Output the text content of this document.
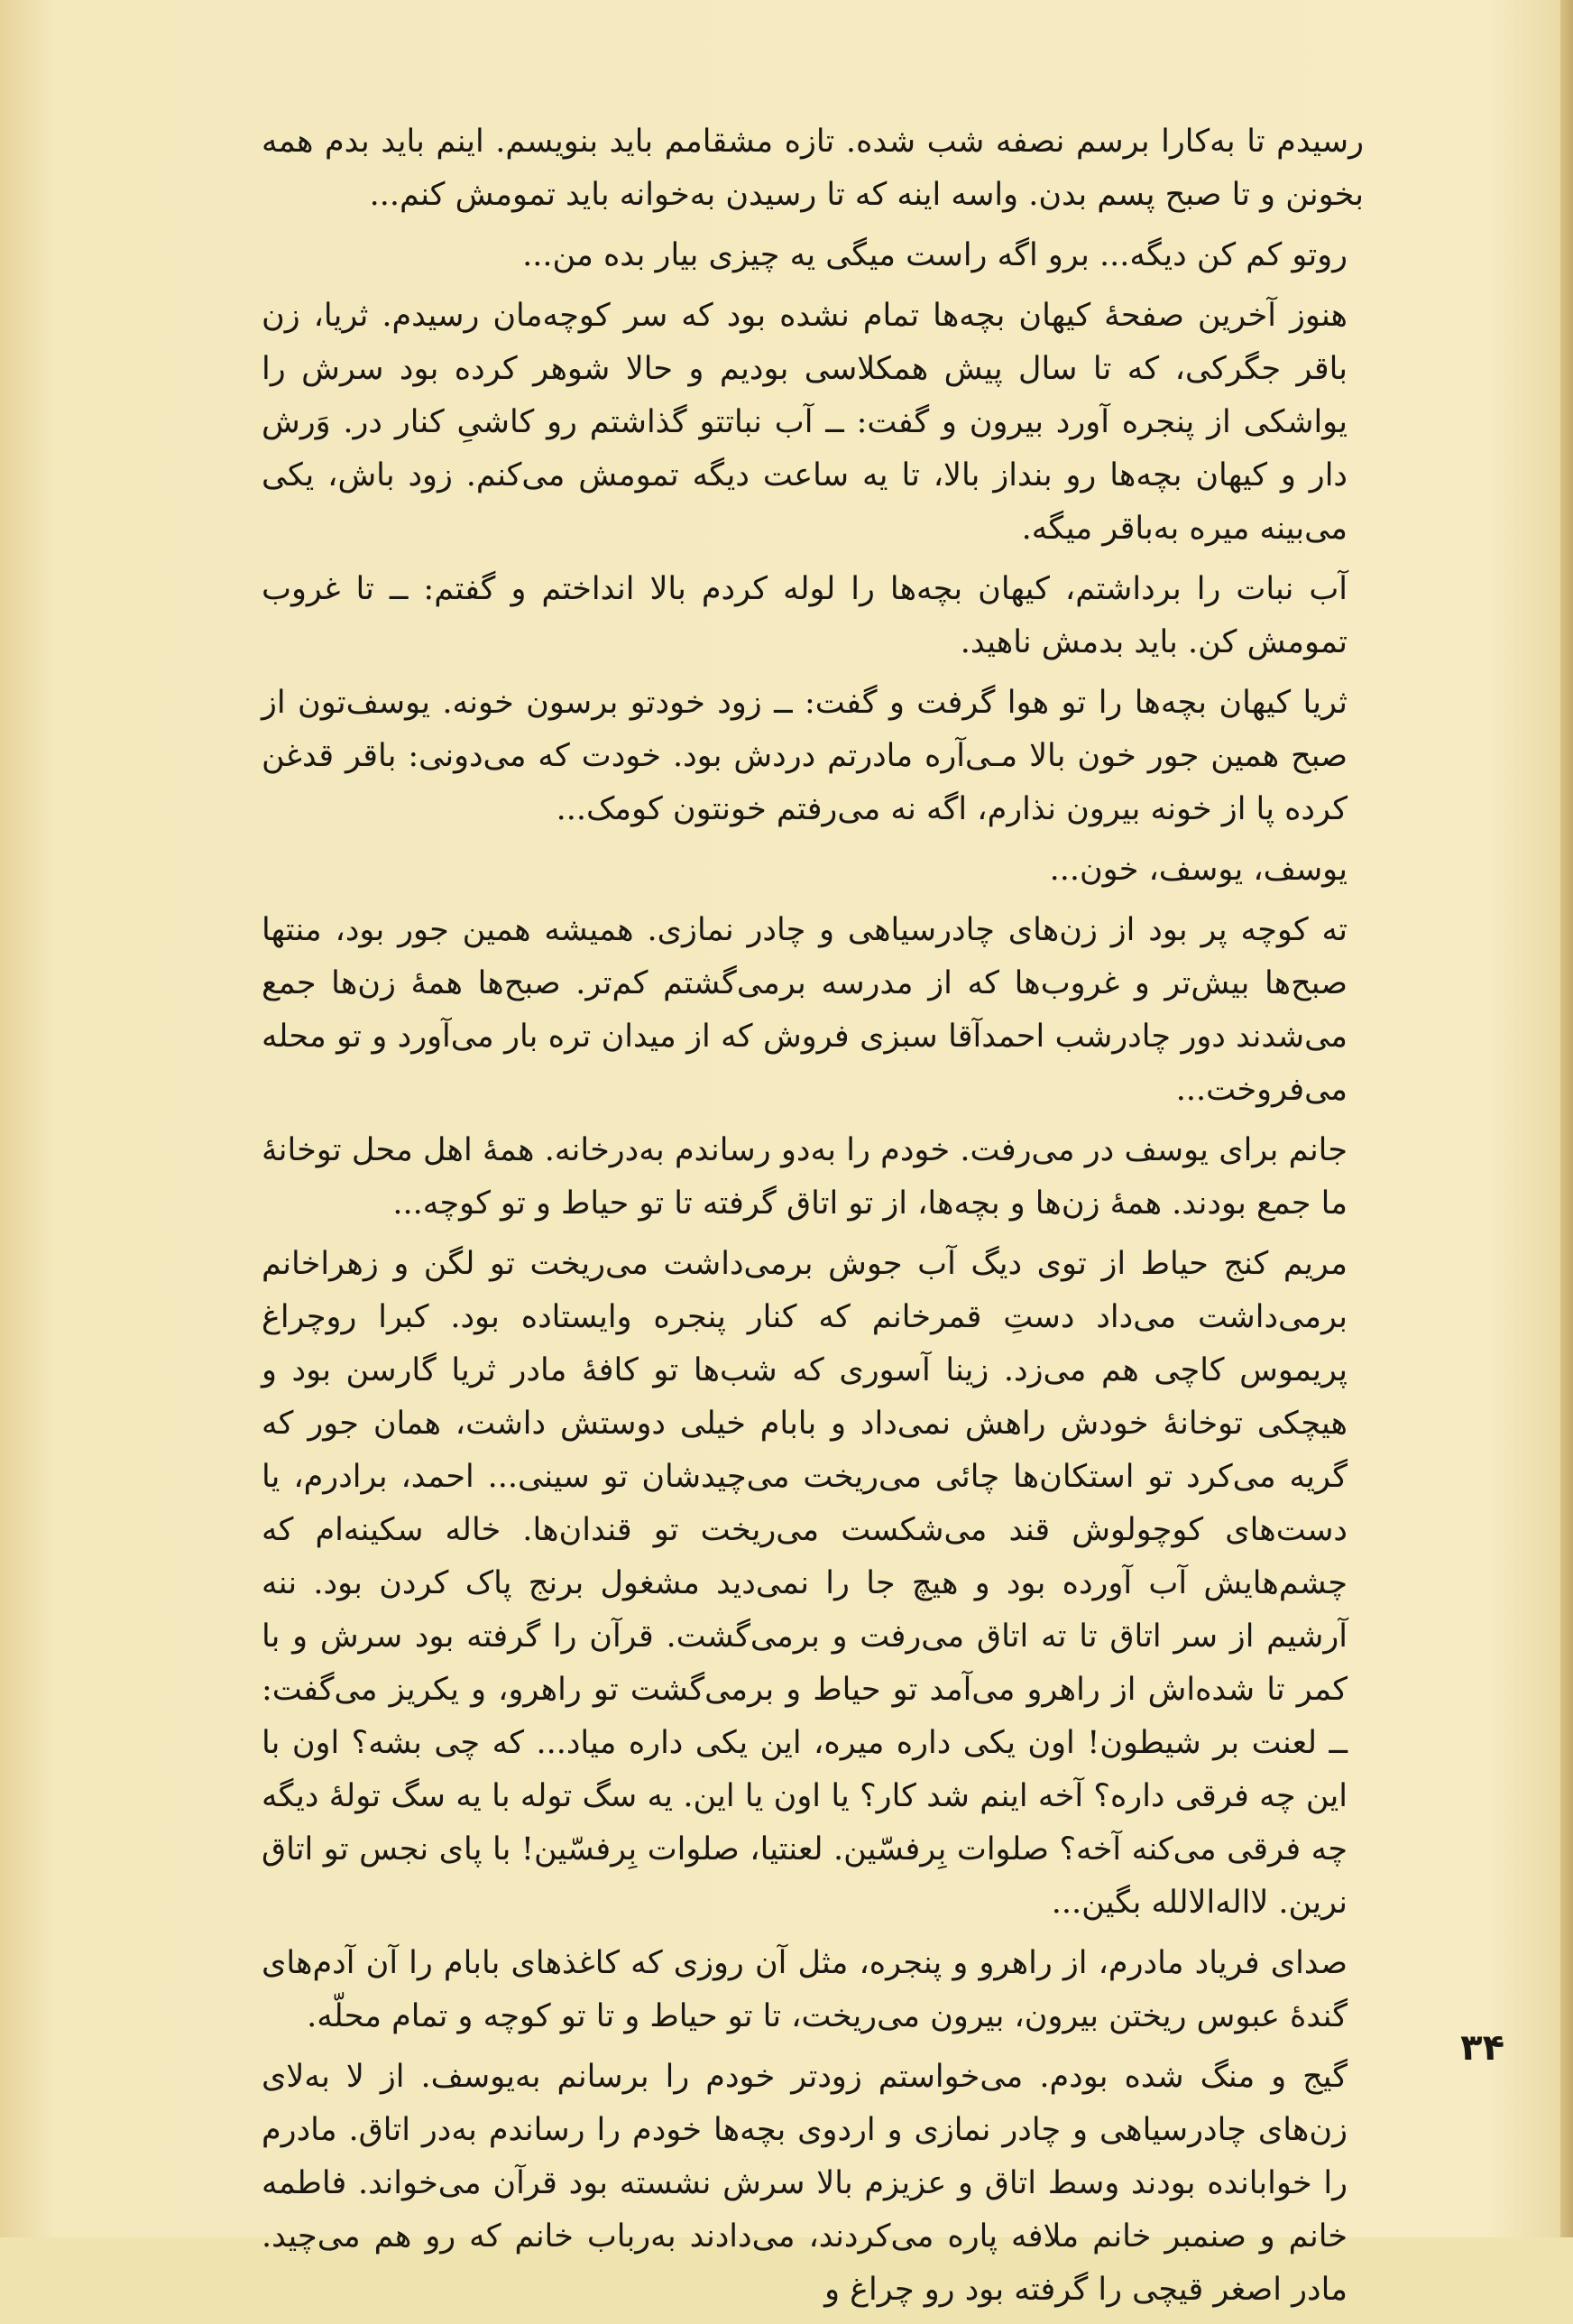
رسیدم تا به‌کارا برسم نصفه شب شده. تازه مشقامم باید بنویسم. اینم باید بدم همه بخونن و تا صبح پسم بدن. واسه اینه که تا رسیدن به‌خوانه باید تمومش کنم...

روتو کم کن دیگه... برو اگه راست میگی یه چیزی بیار بده من...

هنوز آخرین صفحهٔ کیهان بچه‌ها تمام نشده بود که سر کوچه‌مان رسیدم. ثریا، زن باقر جگرکی، که تا سال پیش همکلاسی بودیم و حالا شوهر کرده بود سرش را یواشکی از پنجره آورد بیرون و گفت: ــ آب نباتتو گذاشتم رو کاشیِ کنار در. وَرش دار و کیهان بچه‌ها رو بنداز بالا، تا یه ساعت دیگه تمومش می‌کنم. زود باش، یکی می‌بینه میره به‌باقر میگه.

آب نبات را برداشتم، کیهان بچه‌ها را لوله کردم بالا انداختم و گفتم: ــ تا غروب تمومش کن. باید بدمش ناهید.

ثریا کیهان بچه‌ها را تو هوا گرفت و گفت: ــ زود خودتو برسون خونه. یوسف‌تون از صبح همین جور خون بالا مـی‌آره مادرتم دردش بود. خودت که می‌دونی: باقر قدغن کرده پا از خونه بیرون نذارم، اگه نه می‌رفتم خونتون کومک...

یوسف، یوسف، خون...

ته کوچه پر بود از زن‌های چادرسیاهی و چادر نمازی. همیشه همین جور بود، منتها صبح‌ها بیش‌تر و غروب‌ها که از مدرسه برمی‌گشتم کم‌تر. صبح‌ها همهٔ زن‌ها جمع می‌شدند دور چادرشب احمدآقا سبزی فروش که از میدان تره بار می‌آورد و تو محله می‌فروخت...

جانم برای یوسف در می‌رفت. خودم را به‌دو رساندم به‌درخانه. همهٔ اهل محل توخانهٔ ما جمع بودند. همهٔ زن‌ها و بچه‌ها، از تو اتاق گرفته تا تو حیاط و تو کوچه...

مریم کنج حیاط از توی دیگ آب جوش برمی‌داشت می‌ریخت تو لگن و زهراخانم برمی‌داشت می‌داد دستِ قمرخانم که کنار پنجره وایستاده بود. کبرا روچراغ پریموس کاچی هم می‌زد. زینا آسوری که شب‌ها تو کافهٔ مادر ثریا گارسن بود و هیچکی توخانهٔ خودش راهش نمی‌داد و بابام خیلی دوستش داشت، همان جور که گریه می‌کرد تو استکان‌ها چائی می‌ریخت می‌چیدشان تو سینی... احمد، برادرم، یا دست‌های کوچولوش قند می‌شکست می‌ریخت تو قندان‌ها. خاله سکینه‌ام که چشم‌هایش آب آورده بود و هیچ جا را نمی‌دید مشغول برنج پاک کردن بود. ننه آرشیم از سر اتاق تا ته اتاق می‌رفت و برمی‌گشت. قرآن را گرفته بود سرش و با کمر تا شده‌اش از راهرو می‌آمد تو حیاط و برمی‌گشت تو راهرو، و یکریز می‌گفت: ــ لعنت بر شیطون! اون یکی داره میره، این یکی داره میاد... که چی بشه؟ اون با این چه فرقی داره؟ آخه اینم شد کار؟ یا اون یا این. یه سگ توله با یه سگ تولهٔ دیگه چه فرقی می‌کنه آخه؟ صلوات بِرفسّین. لعنتیا، صلوات بِرفسّین! با پای نجس تو اتاق نرین. لااله‌الالله بگین...

صدای فریاد مادرم، از راهرو و پنجره، مثل آن روزی که کاغذهای بابام را آن آدم‌های گندهٔ عبوس ریختن بیرون، بیرون می‌ریخت، تا تو حیاط و تا تو کوچه و تمام محلّه.

گیج و منگ شده بودم. می‌خواستم زودتر خودم را برسانم به‌یوسف. از لا به‌لای زن‌های چادرسیاهی و چادر نمازی و اردوی بچه‌ها خودم را رساندم به‌در اتاق. مادرم را خوابانده بودند وسط اتاق و عزیزم بالا سرش نشسته بود قرآن می‌خواند. فاطمه خانم و صنمبر خانم ملافه پاره می‌کردند، می‌دادند به‌رباب خانم که رو هم می‌چید. مادر اصغر قیچی را گرفته بود رو چراغ و

۳۴
